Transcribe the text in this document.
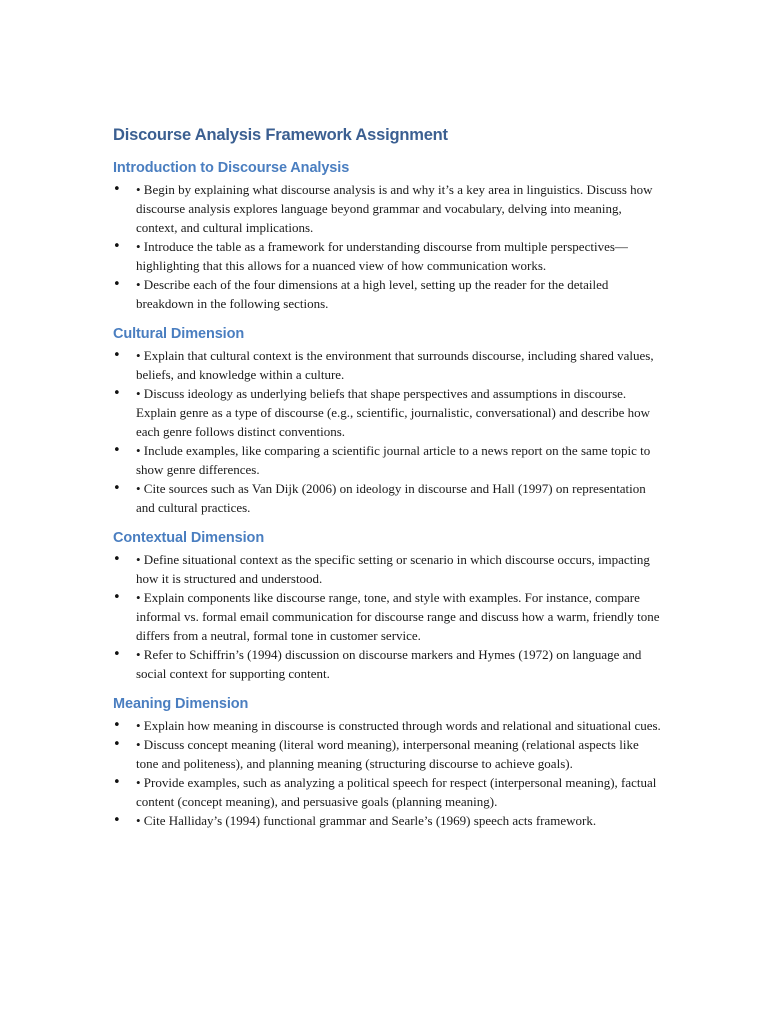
Discourse Analysis Framework Assignment
Introduction to Discourse Analysis
• • Begin by explaining what discourse analysis is and why it’s a key area in linguistics. Discuss how discourse analysis explores language beyond grammar and vocabulary, delving into meaning, context, and cultural implications.
• • Introduce the table as a framework for understanding discourse from multiple perspectives—highlighting that this allows for a nuanced view of how communication works.
• • Describe each of the four dimensions at a high level, setting up the reader for the detailed breakdown in the following sections.
Cultural Dimension
• • Explain that cultural context is the environment that surrounds discourse, including shared values, beliefs, and knowledge within a culture.
• • Discuss ideology as underlying beliefs that shape perspectives and assumptions in discourse. Explain genre as a type of discourse (e.g., scientific, journalistic, conversational) and describe how each genre follows distinct conventions.
• • Include examples, like comparing a scientific journal article to a news report on the same topic to show genre differences.
• • Cite sources such as Van Dijk (2006) on ideology in discourse and Hall (1997) on representation and cultural practices.
Contextual Dimension
• • Define situational context as the specific setting or scenario in which discourse occurs, impacting how it is structured and understood.
• • Explain components like discourse range, tone, and style with examples. For instance, compare informal vs. formal email communication for discourse range and discuss how a warm, friendly tone differs from a neutral, formal tone in customer service.
• • Refer to Schiffrin’s (1994) discussion on discourse markers and Hymes (1972) on language and social context for supporting content.
Meaning Dimension
• • Explain how meaning in discourse is constructed through words and relational and situational cues.
• • Discuss concept meaning (literal word meaning), interpersonal meaning (relational aspects like tone and politeness), and planning meaning (structuring discourse to achieve goals).
• • Provide examples, such as analyzing a political speech for respect (interpersonal meaning), factual content (concept meaning), and persuasive goals (planning meaning).
• • Cite Halliday’s (1994) functional grammar and Searle’s (1969) speech acts framework.
